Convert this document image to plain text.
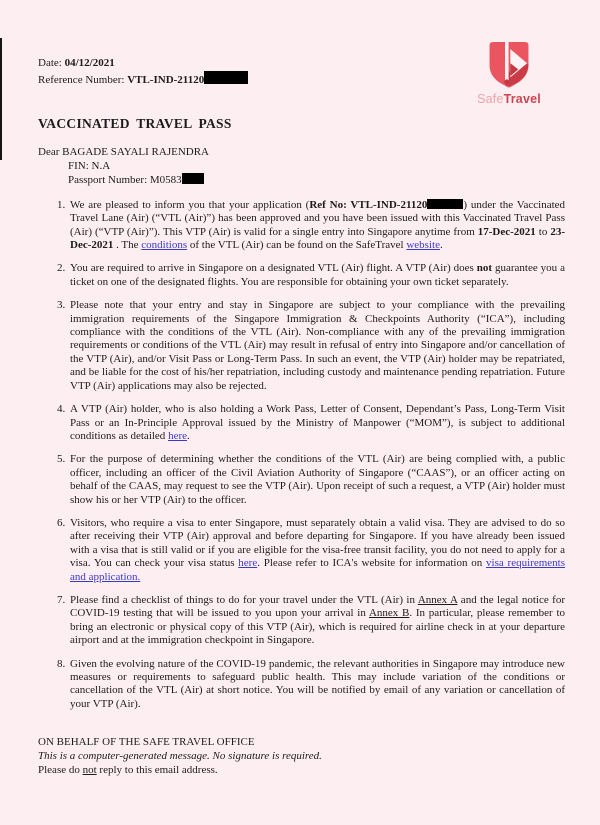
SafeTravel
Date: 04/12/2021
Reference Number: VTL-IND-21120
VACCINATED TRAVEL PASS
Dear BAGADE SAYALI RAJENDRA
FIN: N.A
Passport Number: M0583
1. We are pleased to inform you that your application (Ref No: VTL-IND-21120	) under the Vaccinated Travel Lane (Air) (“VTL (Air)”) has been approved and you have been issued with this Vaccinated Travel Pass (Air) (“VTP (Air)”). This VTP (Air) is valid for a single entry into Singapore anytime from 17-Dec-2021 to 23-Dec-2021 . The conditions of the VTL (Air) can be found on the SafeTravel website.
2. You are required to arrive in Singapore on a designated VTL (Air) flight. A VTP (Air) does not guarantee you a ticket on one of the designated flights. You are responsible for obtaining your own ticket separately.
3. Please note that your entry and stay in Singapore are subject to your compliance with the prevailing immigration requirements of the Singapore Immigration & Checkpoints Authority (“ICA”), including compliance with the conditions of the VTL (Air). Non-compliance with any of the prevailing immigration requirements or conditions of the VTL (Air) may result in refusal of entry into Singapore and/or cancellation of the VTP (Air), and/or Visit Pass or Long-Term Pass. In such an event, the VTP (Air) holder may be repatriated, and be liable for the cost of his/her repatriation, including custody and maintenance pending repatriation. Future VTP (Air) applications may also be rejected.
4. A VTP (Air) holder, who is also holding a Work Pass, Letter of Consent, Dependant’s Pass, Long-Term Visit Pass or an In-Principle Approval issued by the Ministry of Manpower (“MOM”), is subject to additional conditions as detailed here.
5. For the purpose of determining whether the conditions of the VTL (Air) are being complied with, a public officer, including an officer of the Civil Aviation Authority of Singapore (“CAAS”), or an officer acting on behalf of the CAAS, may request to see the VTP (Air). Upon receipt of such a request, a VTP (Air) holder must show his or her VTP (Air) to the officer.
6. Visitors, who require a visa to enter Singapore, must separately obtain a valid visa. They are advised to do so after receiving their VTP (Air) approval and before departing for Singapore. If you have already been issued with a visa that is still valid or if you are eligible for the visa-free transit facility, you do not need to apply for a visa. You can check your visa status here. Please refer to ICA's website for information on visa requirements and application.
7. Please find a checklist of things to do for your travel under the VTL (Air) in Annex A and the legal notice for COVID-19 testing that will be issued to you upon your arrival in Annex B. In particular, please remember to bring an electronic or physical copy of this VTP (Air), which is required for airline check in at your departure airport and at the immigration checkpoint in Singapore.
8. Given the evolving nature of the COVID-19 pandemic, the relevant authorities in Singapore may introduce new measures or requirements to safeguard public health. This may include variation of the conditions or cancellation of the VTL (Air) at short notice. You will be notified by email of any variation or cancellation of your VTP (Air).
ON BEHALF OF THE SAFE TRAVEL OFFICE
This is a computer-generated message. No signature is required.
Please do not reply to this email address.
